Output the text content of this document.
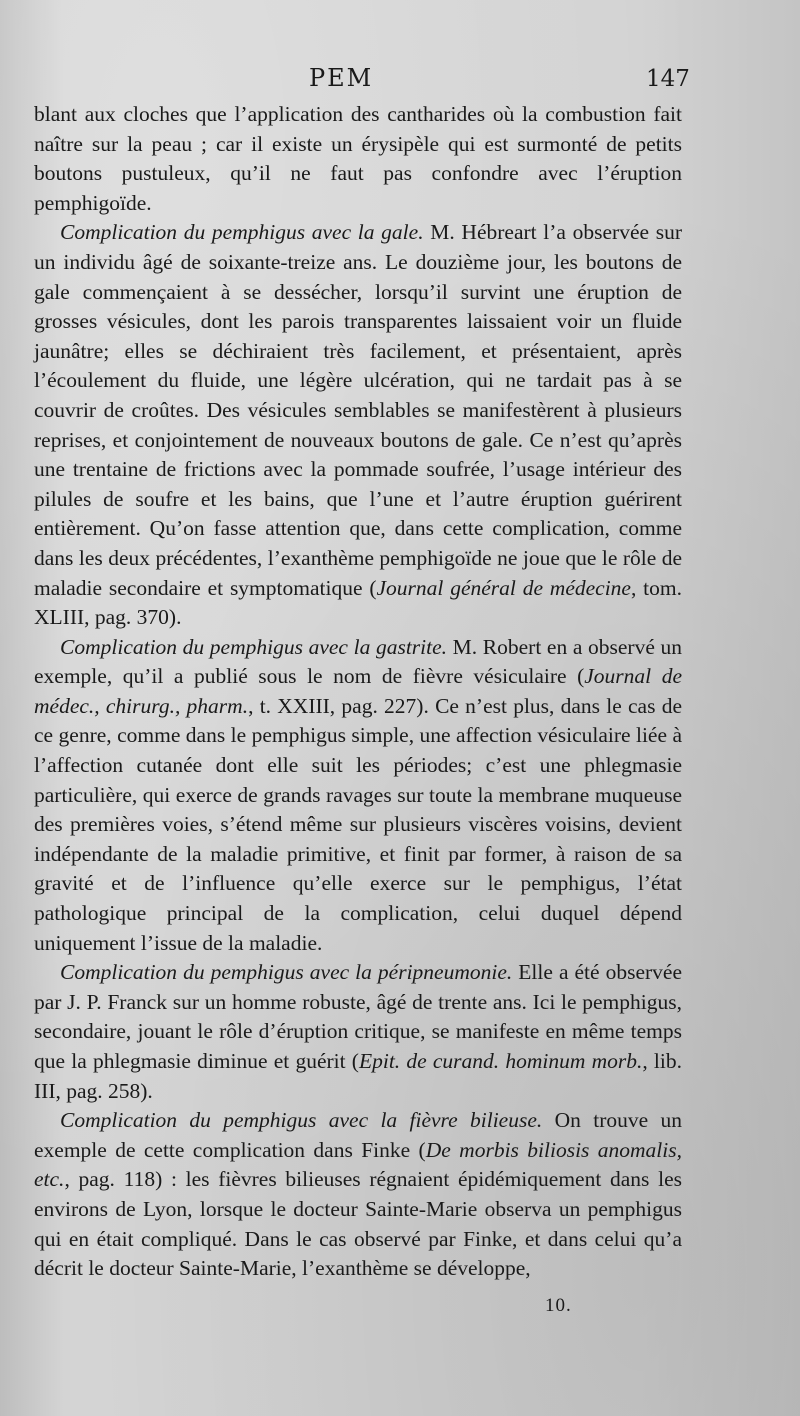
PEM	147

blant aux cloches que l’application des cantharides où la combustion fait naître sur la peau ; car il existe un érysipèle qui est surmonté de petits boutons pustuleux, qu’il ne faut pas confondre avec l’éruption pemphigoïde.

Complication du pemphigus avec la gale. M. Hébreart l’a observée sur un individu âgé de soixante-treize ans. Le douzième jour, les boutons de gale commençaient à se dessécher, lorsqu’il survint une éruption de grosses vésicules, dont les parois transparentes laissaient voir un fluide jaunâtre; elles se déchiraient très facilement, et présentaient, après l’écoulement du fluide, une légère ulcération, qui ne tardait pas à se couvrir de croûtes. Des vésicules semblables se manifestèrent à plusieurs reprises, et conjointement de nouveaux boutons de gale. Ce n’est qu’après une trentaine de frictions avec la pommade soufrée, l’usage intérieur des pilules de soufre et les bains, que l’une et l’autre éruption guérirent entièrement. Qu’on fasse attention que, dans cette complication, comme dans les deux précédentes, l’exanthème pemphigoïde ne joue que le rôle de maladie secondaire et symptomatique (Journal général de médecine, tom. XLIII, pag. 370).

Complication du pemphigus avec la gastrite. M. Robert en a observé un exemple, qu’il a publié sous le nom de fièvre vésiculaire (Journal de médec., chirurg., pharm., t. XXIII, pag. 227). Ce n’est plus, dans le cas de ce genre, comme dans le pemphigus simple, une affection vésiculaire liée à l’affection cutanée dont elle suit les périodes; c’est une phlegmasie particulière, qui exerce de grands ravages sur toute la membrane muqueuse des premières voies, s’étend même sur plusieurs viscères voisins, devient indépendante de la maladie primitive, et finit par former, à raison de sa gravité et de l’influence qu’elle exerce sur le pemphigus, l’état pathologique principal de la complication, celui duquel dépend uniquement l’issue de la maladie.

Complication du pemphigus avec la péripneumonie. Elle a été observée par J. P. Franck sur un homme robuste, âgé de trente ans. Ici le pemphigus, secondaire, jouant le rôle d’éruption critique, se manifeste en même temps que la phlegmasie diminue et guérit (Epit. de curand. hominum morb., lib. III, pag. 258).

Complication du pemphigus avec la fièvre bilieuse. On trouve un exemple de cette complication dans Finke (De morbis biliosis anomalis, etc., pag. 118) : les fièvres bilieuses régnaient épidémiquement dans les environs de Lyon, lorsque le docteur Sainte-Marie observa un pemphigus qui en était compliqué. Dans le cas observé par Finke, et dans celui qu’a décrit le docteur Sainte-Marie, l’exanthème se développe,

10.
